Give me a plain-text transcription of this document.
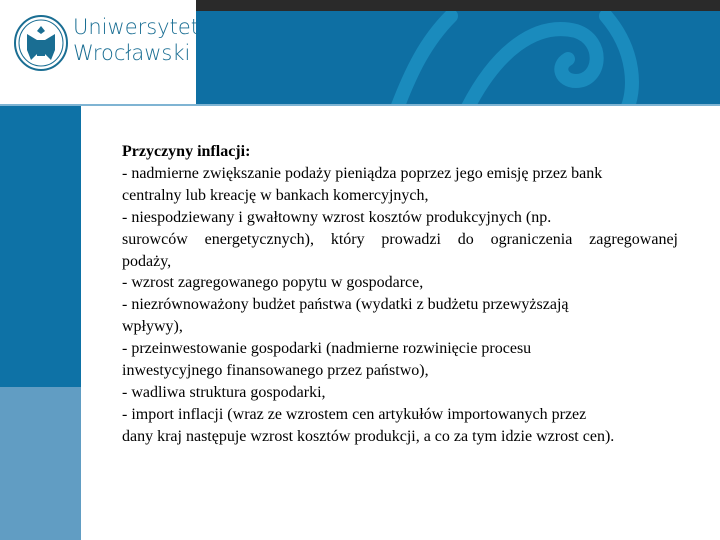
Uniwersytet
Wrocławski
Przyczyny inflacji:
- nadmierne zwiększanie podaży pieniądza poprzez jego emisję przez bank
centralny lub kreację w bankach komercyjnych,
- niespodziewany i gwałtowny wzrost kosztów produkcyjnych (np.
surowców energetycznych), który prowadzi do ograniczenia zagregowanej
podaży,
- wzrost zagregowanego popytu w gospodarce,
- niezrównoważony budżet państwa (wydatki z budżetu przewyższają
wpływy),
- przeinwestowanie gospodarki (nadmierne rozwinięcie procesu
inwestycyjnego finansowanego przez państwo),
- wadliwa struktura gospodarki,
- import inflacji (wraz ze wzrostem cen artykułów importowanych przez
dany kraj następuje wzrost kosztów produkcji, a co za tym idzie wzrost cen).
